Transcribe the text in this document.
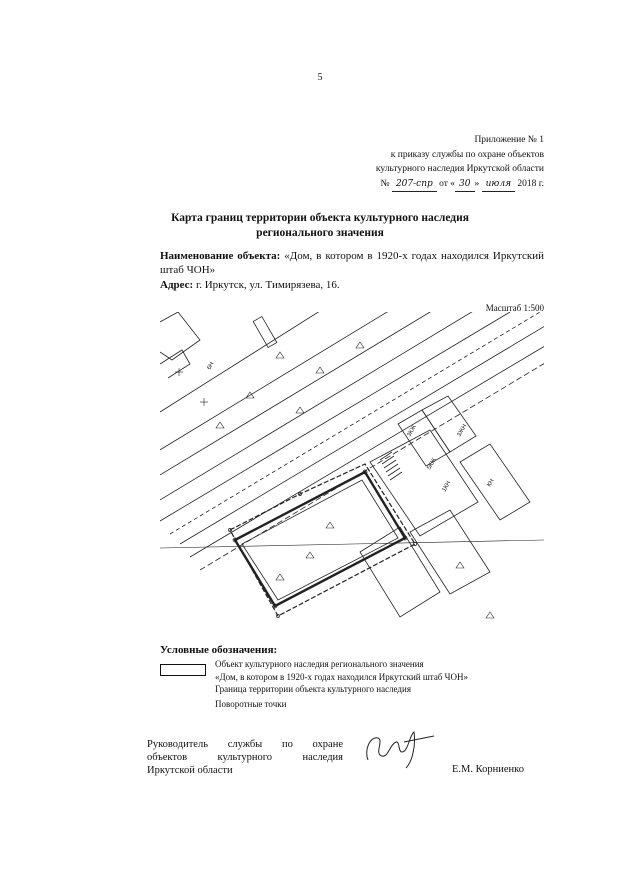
5
Приложение № 1
к приказу службы по охране объектов
культурного наследия Иркутской области
№ 207-спр от « 30 » июля 2018 г.
Карта границ территории объекта культурного наследия
регионального значения
Наименование объекта: «Дом, в котором в 1920-х годах находился Иркутский штаб ЧОН»
Адрес: г. Иркутск, ул. Тимирязева, 16.
Масштаб 1:500
5КЖ
3КЖ
6Н
1КН	КН
3ЖН
Условные обозначения:
Объект культурного наследия регионального значения
«Дом, в котором в 1920-х годах находился Иркутский штаб ЧОН»
Граница территории объекта культурного наследия
Поворотные точки
Руководитель службы по охране
объектов культурного наследия
Иркутской области	Е.М. Корниенко
